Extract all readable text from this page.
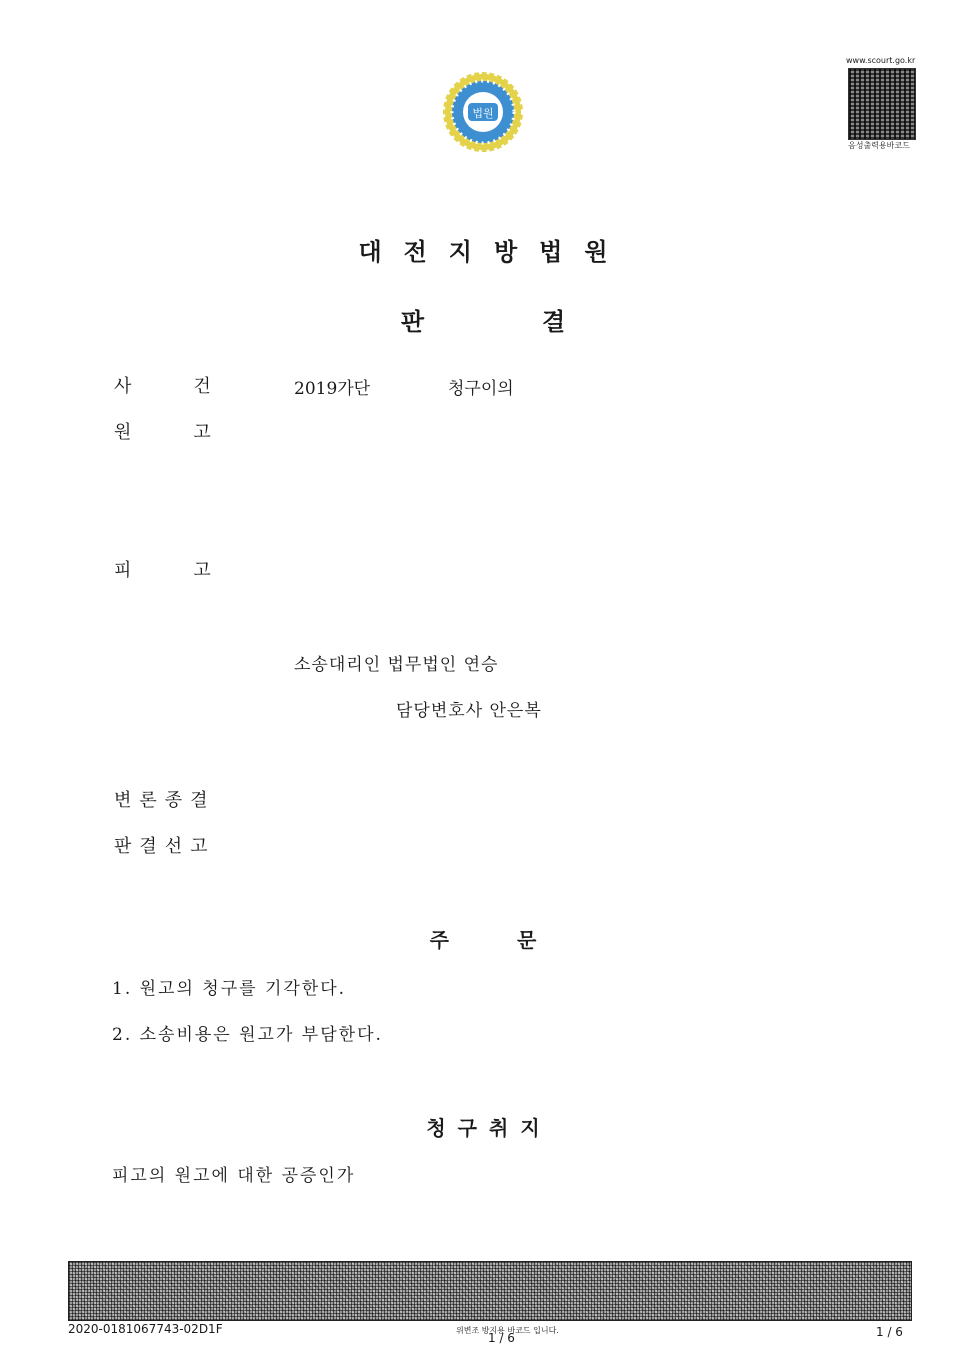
법원
www.scourt.go.kr
음성출력용바코드
대전지방법원
판결
사건 2019가단	청구이의
원고
피고
소송대리인 법무법인 연승
담당변호사 안은복
변론종결
판결선고
주문
1. 원고의 청구를 기각한다.
2. 소송비용은 원고가 부담한다.
청구취지
피고의 원고에 대한 공증인가
2020-0181067743-02D1F	위변조 방지용 바코드 입니다.
1 / 6	1 / 6
